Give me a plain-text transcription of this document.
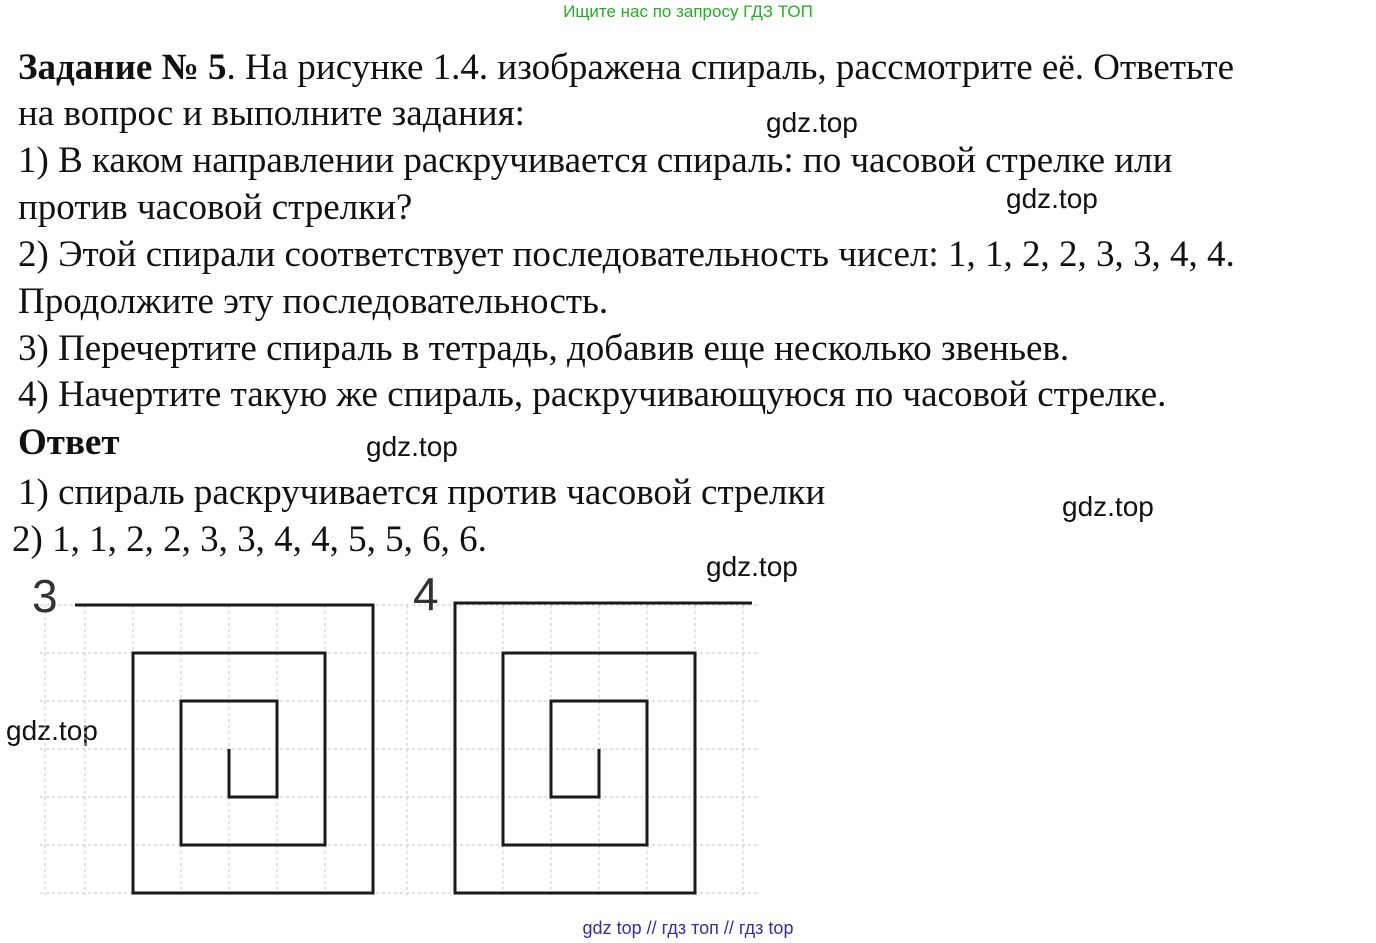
Ищите нас по запросу ГДЗ ТОП
Задание № 5. На рисунке 1.4. изображена спираль, рассмотрите её. Ответьте
на вопрос и выполните задания:
1) В каком направлении раскручивается спираль: по часовой стрелке или
против часовой стрелки?
2) Этой спирали соответствует последовательность чисел: 1, 1, 2, 2, 3, 3, 4, 4.
Продолжите эту последовательность.
3) Перечертите спираль в тетрадь, добавив еще несколько звеньев.
4) Начертите такую же спираль, раскручивающуюся по часовой стрелке.
Ответ
1) спираль раскручивается против часовой стрелки
2) 1, 1, 2, 2, 3, 3, 4, 4, 5, 5, 6, 6.
gdz.top
gdz.top
gdz.top
gdz.top
gdz.top
gdz.top
3	4
gdz top // гдз топ // гдз top
